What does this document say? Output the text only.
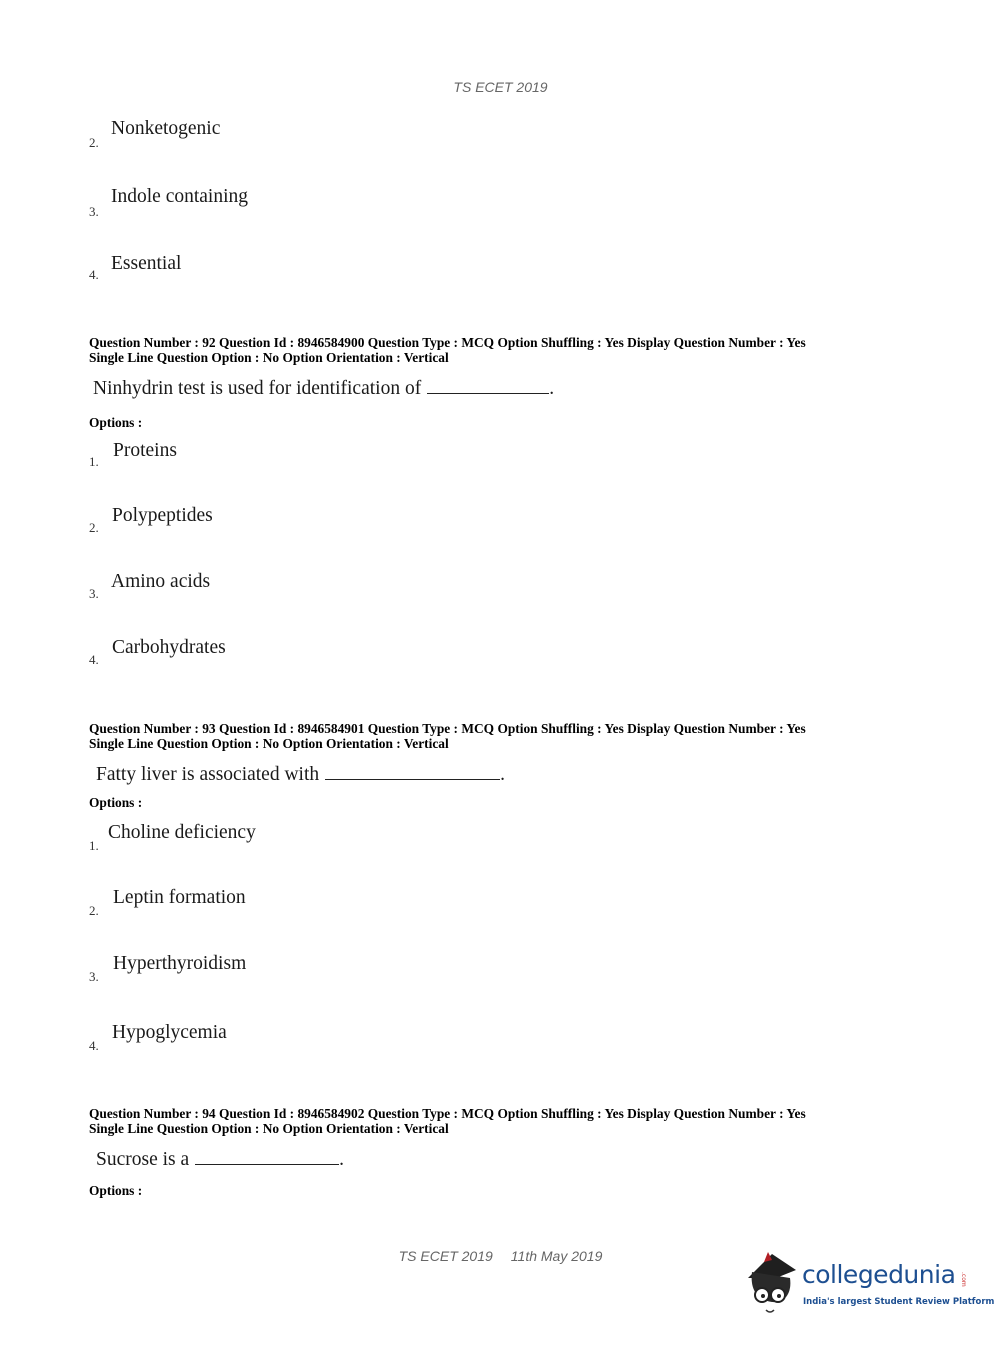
TS ECET 2019
2.
Nonketogenic
3.
Indole containing
4.
Essential
Question Number : 92 Question Id : 8946584900 Question Type : MCQ Option Shuffling : Yes Display Question Number : Yes
Single Line Question Option : No Option Orientation : Vertical
Ninhydrin test is used for identification of	.
Options :
1.
Proteins
2.
Polypeptides
3.
Amino acids
4.
Carbohydrates
Question Number : 93 Question Id : 8946584901 Question Type : MCQ Option Shuffling : Yes Display Question Number : Yes
Single Line Question Option : No Option Orientation : Vertical
Fatty liver is associated with	.
Options :
1.
Choline deficiency
2.
Leptin formation
3.
Hyperthyroidism
4.
Hypoglycemia
Question Number : 94 Question Id : 8946584902 Question Type : MCQ Option Shuffling : Yes Display Question Number : Yes
Single Line Question Option : No Option Orientation : Vertical
Sucrose is a	.
Options :
TS ECET 2019 11th May 2019
collegedunia .com
India's largest Student Review Platform
